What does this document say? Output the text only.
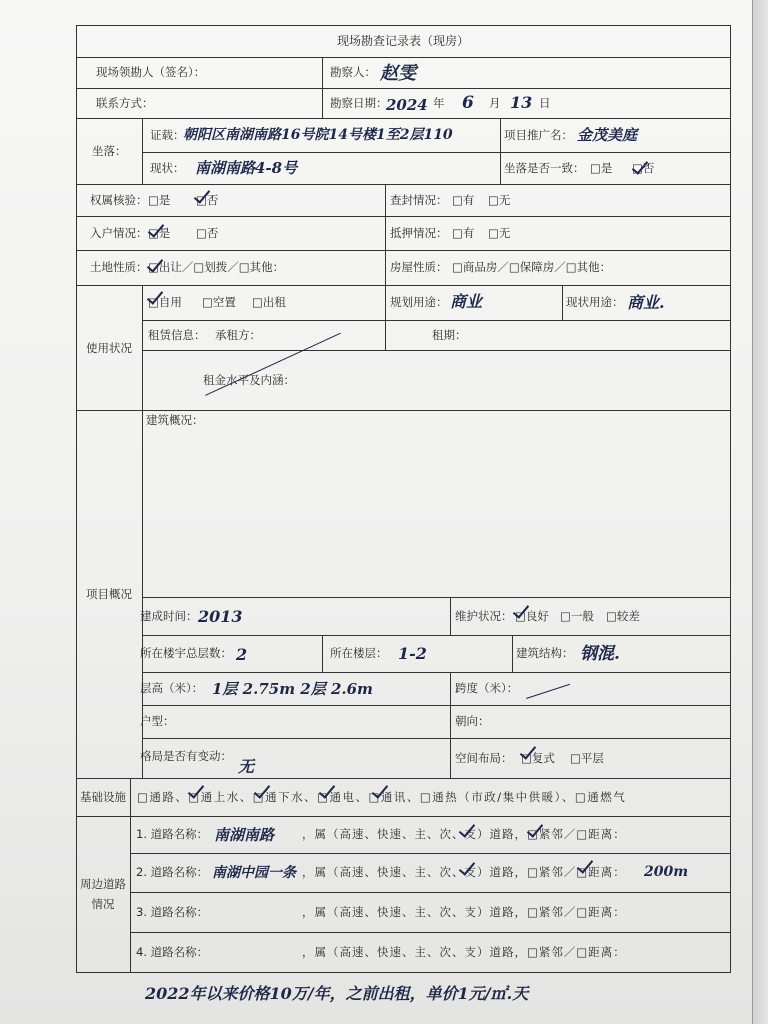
现场勘查记录表（现房）
现场领勘人（签名）：	勘察人： 赵雯
联系方式：	勘察日期：
2024 年 6 月 13 日
坐落：
证载：
朝阳区南湖南路16号院14号楼1至2层110
现状： 南湖南路4-8号
项目推广名： 金茂美庭
坐落是否一致： □是 □否
权属核验： □是 □否	查封情况： □有 □无
入户情况： □是 □否	抵押情况： □有 □无
土地性质： □出让／□划拨／□其他：	房屋性质： □商品房／□保障房／□其他：
使用状况
□自用 □空置 □出租	规划用途： 商业	现状用途： 商业.
租赁信息： 承租方：	租期：
租金水平及内涵：
项目概况
建筑概况：
建成时间： 2013	维护状况： □良好 □一般 □较差
所在楼宇总层数： 2	所在楼层： 1-2	建筑结构： 钢混.
层高（米）： 1层 2.75m 2层 2.6m	跨度（米）：
户型：	朝向：
格局是否有变动：
无	空间布局： □复式 □平层
基础设施 □通路、□通上水、□通下水、□通电、□通讯、□通热（市政/集中供暖）、□通燃气
周边道路情况
1. 道路名称： 南湖南路 ，属（高速、快速、主、次、支）道路，□紧邻／□距离：
2. 道路名称： 南湖中园一条 ，属（高速、快速、主、次、支）道路，□紧邻／□距离： 200m
3. 道路名称：	，属（高速、快速、主、次、支）道路，□紧邻／□距离：
4. 道路名称：	，属（高速、快速、主、次、支）道路，□紧邻／□距离：
2022年以来价格10万/年，之前出租，单价1元/㎡.天
